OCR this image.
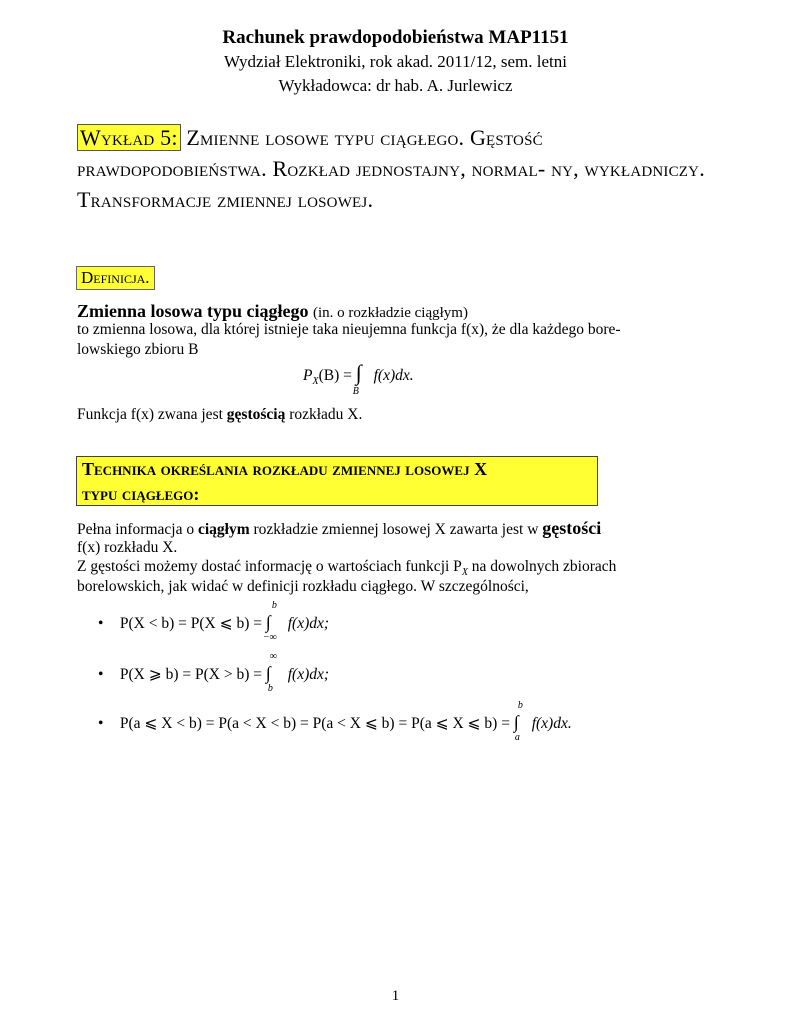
Rachunek prawdopodobieństwa MAP1151
Wydział Elektroniki, rok akad. 2011/12, sem. letni
Wykładowca: dr hab. A. Jurlewicz
Wykład 5: Zmienne losowe typu ciągłego. Gęstość prawdopodobieństwa. Rozkład jednostajny, normal- ny, wykładniczy. Transformacje zmiennej losowej.
Definicja.
Zmienna losowa typu ciągłego (in. o rozkładzie ciągłym)
to zmienna losowa, dla której istnieje taka nieujemna funkcja f(x), że dla każdego bore-
lowskiego zbioru B
$P_X(B)$ = ∫
B
f(x)dx.
Funkcja f(x) zwana jest gęstością rozkładu X.
Technika określania rozkładu zmiennej losowej X
typu ciągłego:
Pełna informacja o ciągłym rozkładzie zmiennej losowej X zawarta jest w gęstości
f(x) rozkładu X.
Z gęstości możemy dostać informację o wartościach funkcji $P_X$ na dowolnych zbiorach
borelowskich, jak widać w definicji rozkładu ciągłego. W szczególności,
• P(X < b) = P(X ⩽ b) =
b
∫
−∞
f(x)dx;
• P(X ⩾ b) = P(X > b) =
∞
∫
b
f(x)dx;
• P(a ⩽ X < b) = P(a < X < b) = P(a < X ⩽ b) = P(a ⩽ X ⩽ b) =
b
∫
a
f(x)dx.
1
